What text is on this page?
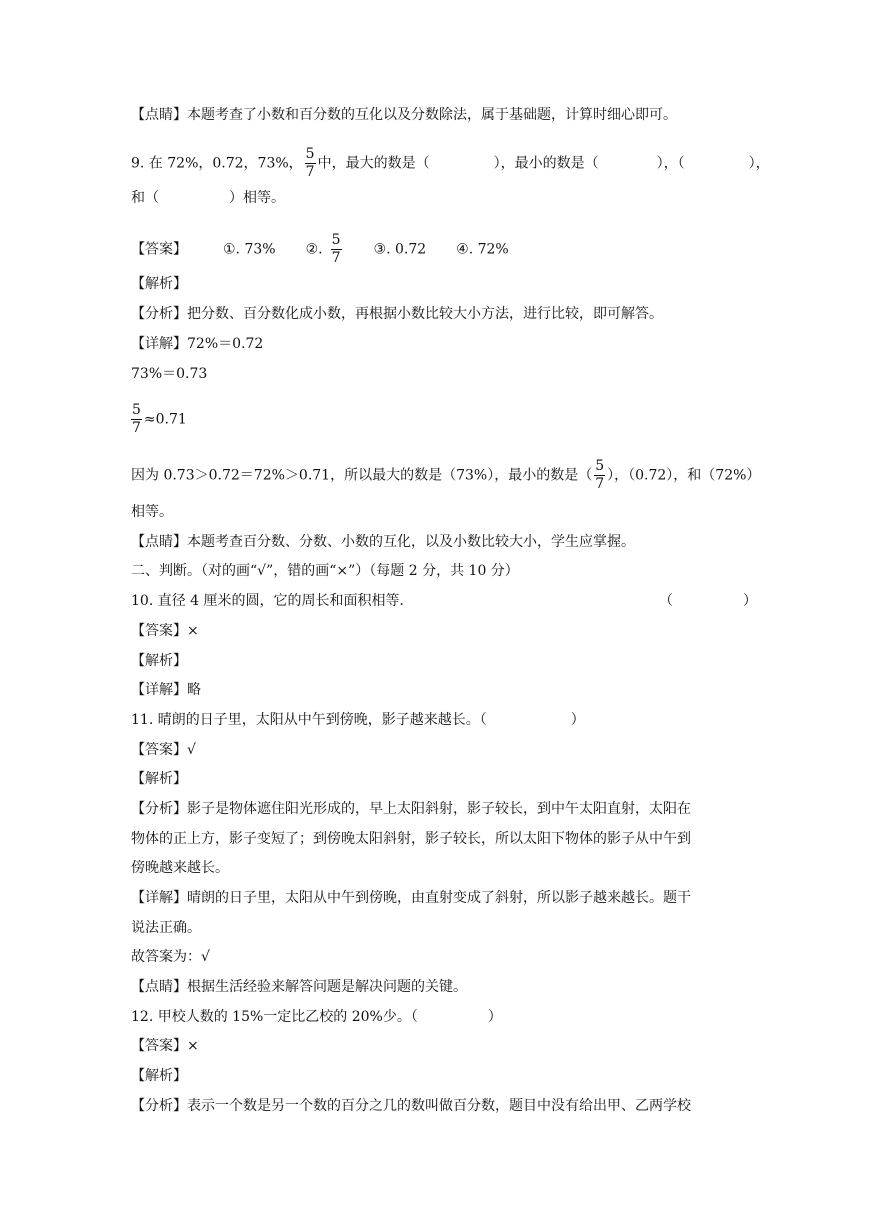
【点睛】本题考查了小数和百分数的互化以及分数除法，属于基础题，计算时细心即可。
9. 在 72%，0.72，73%， $\frac{5}{7}$ 中，最大的数是（	），最小的数是（	），（	），
和（　　　　　）相等。
【答案】	①. 73% ②. $\frac{5}{7}$ ③. 0.72 ④. 72%
【解析】
【分析】把分数、百分数化成小数，再根据小数比较大小方法，进行比较，即可解答。
【详解】72%＝0.72
73%＝0.73
$\frac{5}{7} \approx 0.71$
因为 0.73＞0.72＝72%＞0.71，所以最大的数是（73%），最小的数是（ $\frac{5}{7}$ ），（0.72），和（72%）
相等。
【点睛】本题考查百分数、分数、小数的互化，以及小数比较大小，学生应掌握。
二、判断。（对的画“√”，错的画“×”）（每题 2 分，共 10 分）
10. 直径 4 厘米的圆，它的周长和面积相等．	（　　　　　）
【答案】×
【解析】
【详解】略
11. 晴朗的日子里，太阳从中午到傍晚，影子越来越长。（　　　　　　）
【答案】√
【解析】
【分析】影子是物体遮住阳光形成的，早上太阳斜射，影子较长，到中午太阳直射，太阳在
物体的正上方，影子变短了；到傍晚太阳斜射，影子较长，所以太阳下物体的影子从中午到
傍晚越来越长。
【详解】晴朗的日子里，太阳从中午到傍晚，由直射变成了斜射，所以影子越来越长。题干
说法正确。
故答案为：√
【点睛】根据生活经验来解答问题是解决问题的关键。
12. 甲校人数的 15%一定比乙校的 20%少。（　　　　　）
【答案】×
【解析】
【分析】表示一个数是另一个数的百分之几的数叫做百分数，题目中没有给出甲、乙两学校
